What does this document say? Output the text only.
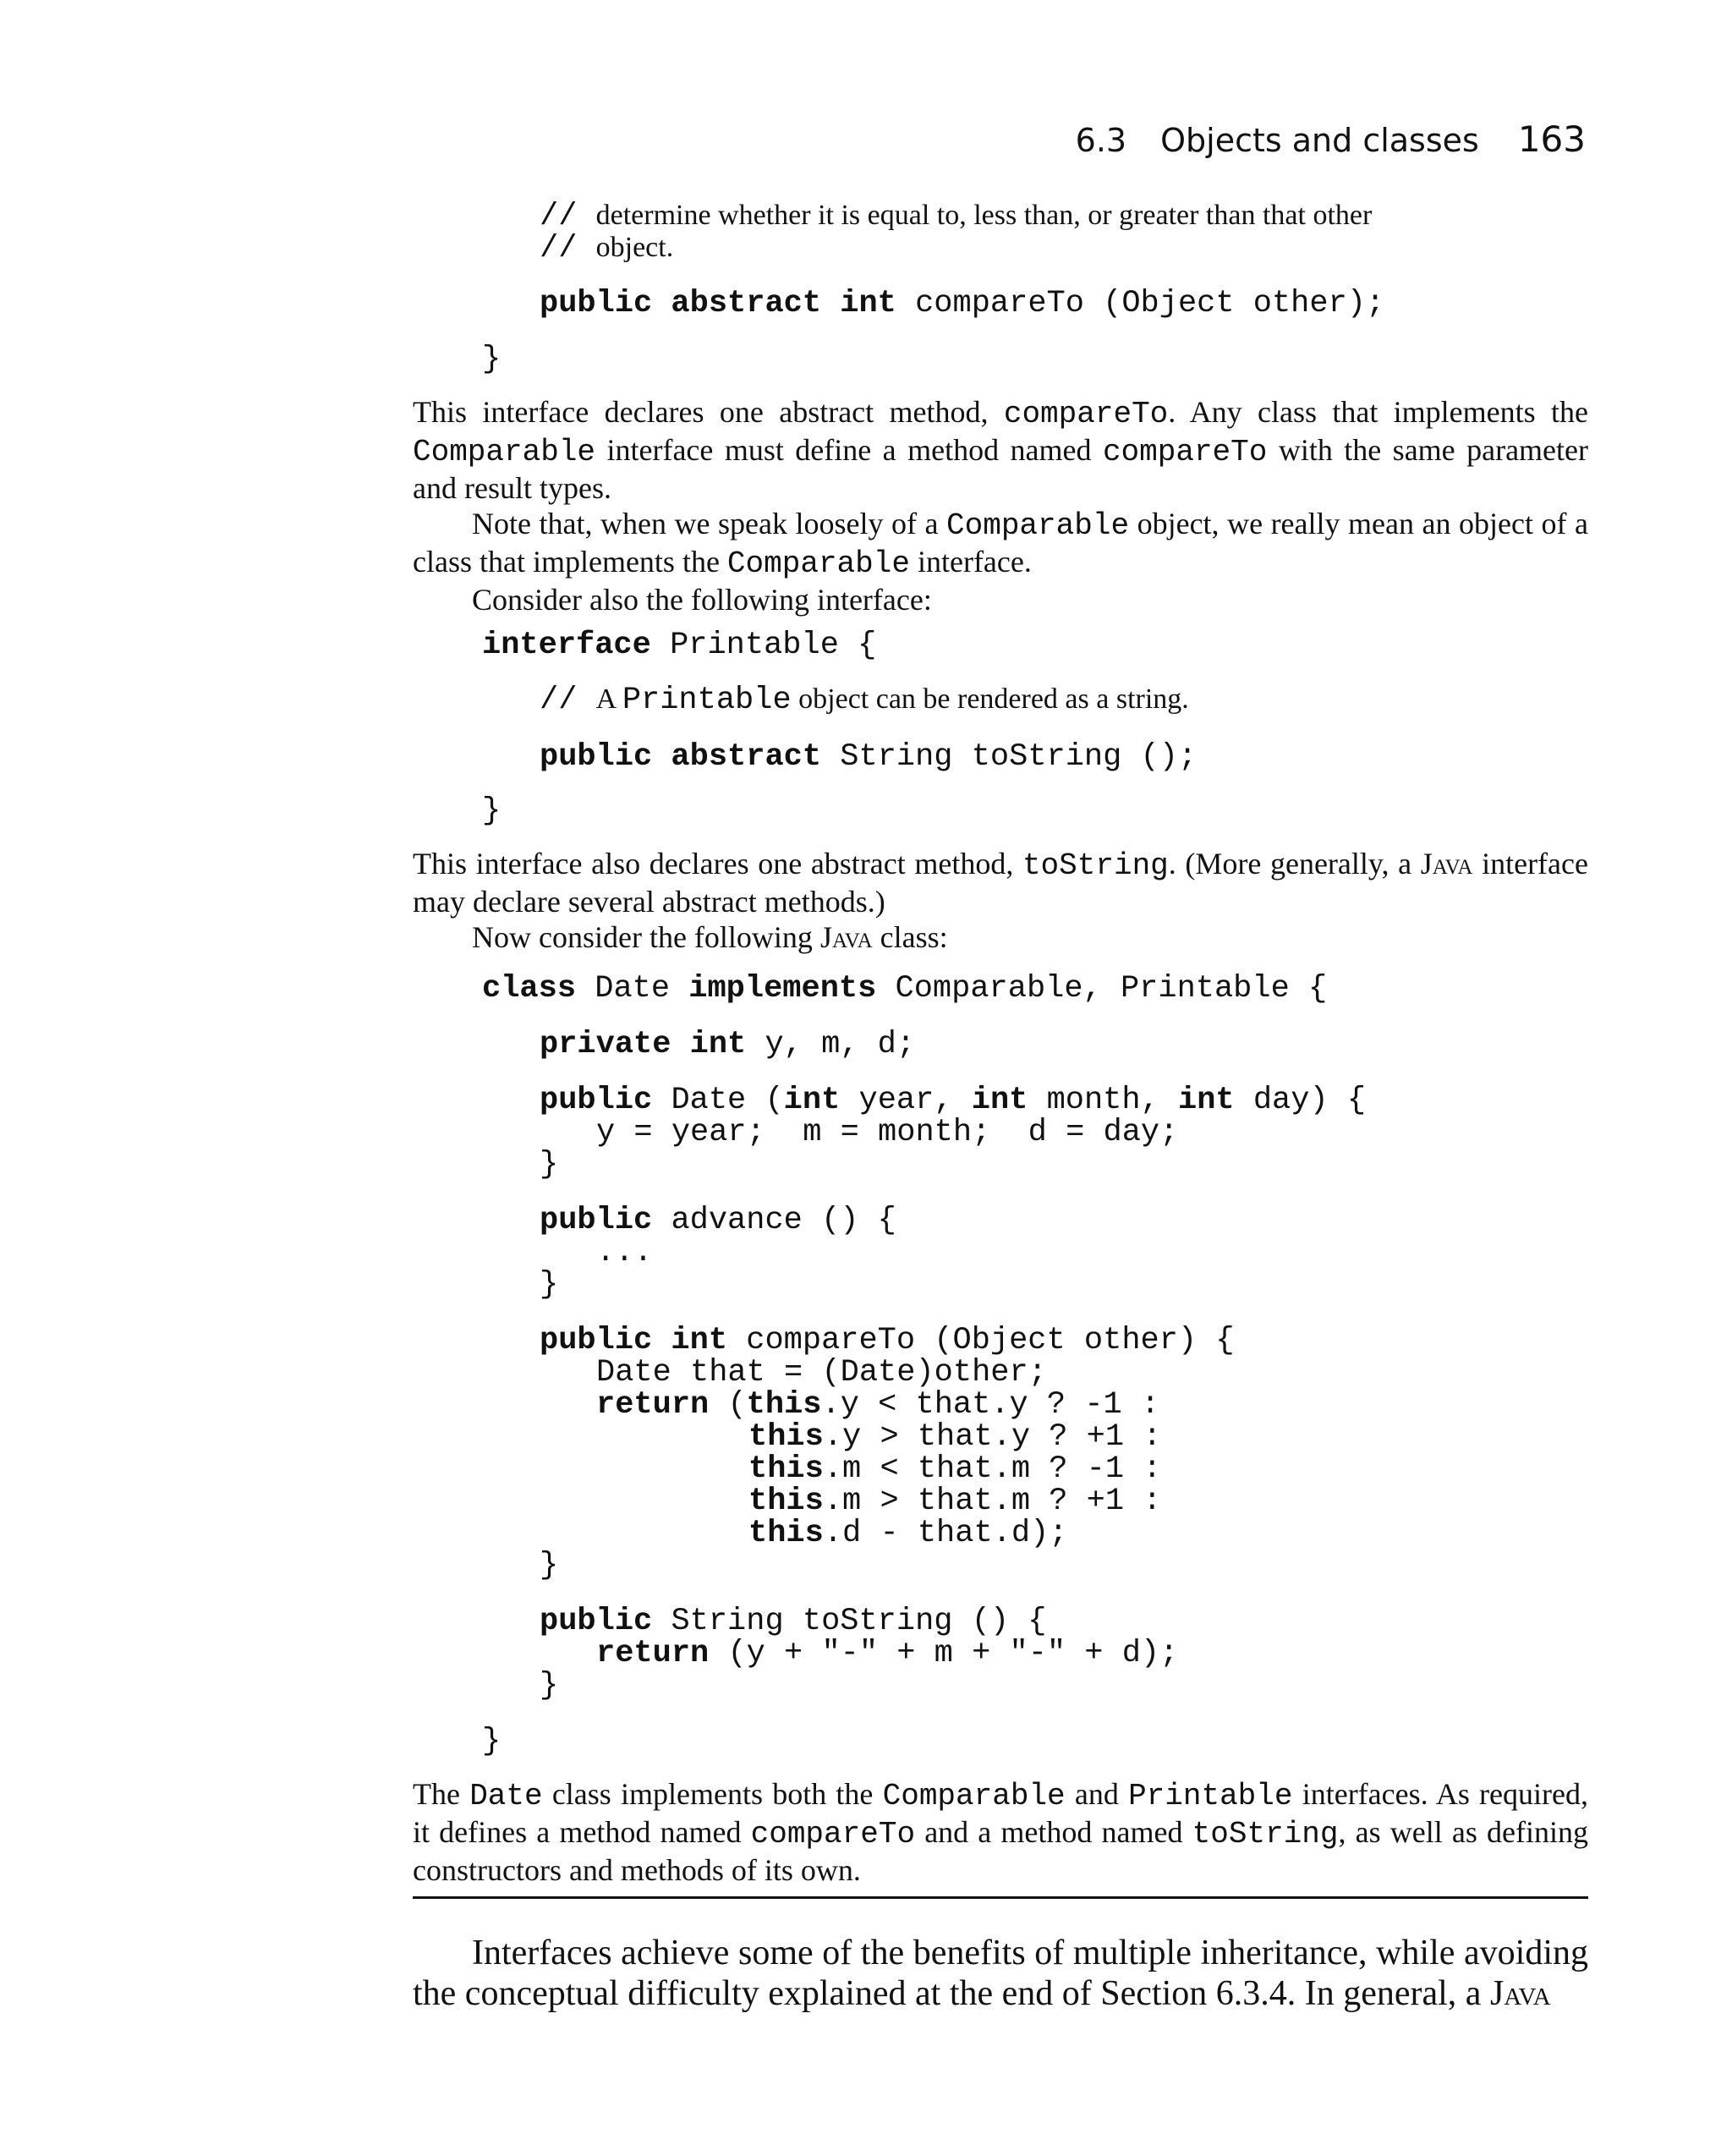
6.3 Objects and classes 163
// determine whether it is equal to, less than, or greater than that other
// object.
public abstract int compareTo (Object other);
}

This interface declares one abstract method, compareTo. Any class that implements the Comparable interface must define a method named compareTo with the same parameter and result types.

Note that, when we speak loosely of a Comparable object, we really mean an object of a class that implements the Comparable interface.

Consider also the following interface:

interface Printable {
// A Printable object can be rendered as a string.
public abstract String toString ();
}

This interface also declares one abstract method, toString. (More generally, a Java interface may declare several abstract methods.)

Now consider the following Java class:

class Date implements Comparable, Printable {
private int y, m, d;
public Date (int year, int month, int day) {
y = year;  m = month;  d = day;
}
public advance () {
...
}
public int compareTo (Object other) {
Date that = (Date)other;
return (this.y < that.y ? -1 :
this.y > that.y ? +1 :
this.m < that.m ? -1 :
this.m > that.m ? +1 :
this.d - that.d);
}
public String toString () {
return (y + "-" + m + "-" + d);
}
}

The Date class implements both the Comparable and Printable interfaces. As required, it defines a method named compareTo and a method named toString, as well as defining constructors and methods of its own.

Interfaces achieve some of the benefits of multiple inheritance, while avoiding the conceptual difficulty explained at the end of Section 6.3.4. In general, a Java
